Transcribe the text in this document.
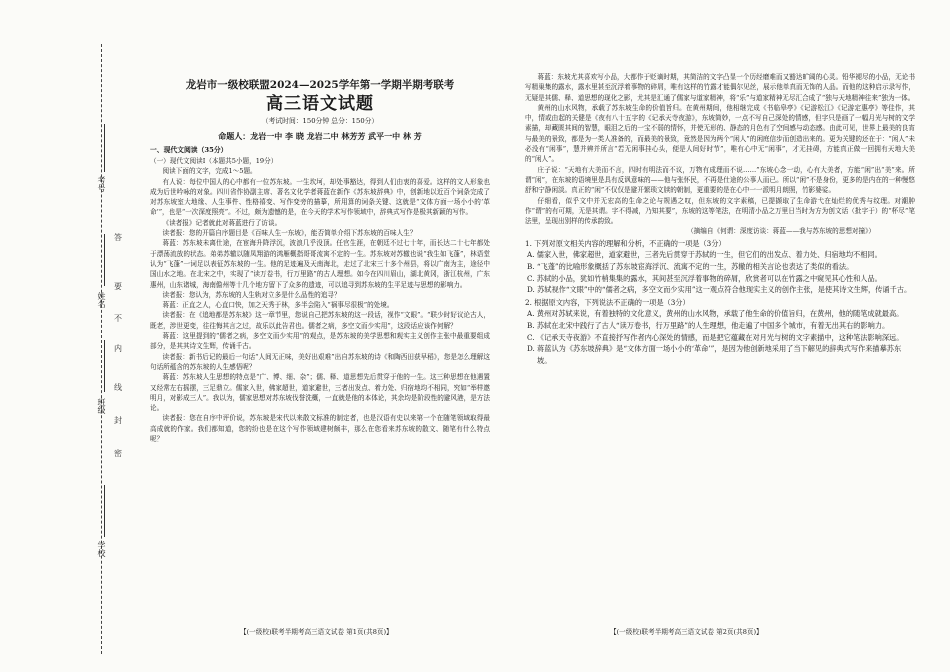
考号
姓名
班级
学校
答
要
不
内
线
封
密
龙岩市一级校联盟2024—2025学年第一学期半期考联考
高三语文试题
（考试时间：150分钟 总分：150分）
命题人：龙岩一中 李 晓 龙岩二中 林芳芳 武平一中 林 芳
一、现代文阅读（35分）
（一）现代文阅读Ⅰ（本题共5小题，19分）
阅读下面的文字，完成1～5题。

有人说：每位中国人的心中都有一位苏东坡。一生坎坷，却处事豁达，得到人们由衷的喜爱。这样的文人形象也成为后世吟咏的对象。四川省作协副主席、著名文化学者蒋蓝在新作《苏东坡辞典》中，创新地以近百个词条完成了对苏东坡室大地缘、人生事件、性格禧变、写作变旁的描摹，所用算的词条关键、这就是“文体方面一场小小的‘革命’”，也是“一次深度照亮”。不过，颇为遗憾的是，在今天的学术写作领域中，辞典式写作是极其新颖的写作。

《读者报》记者就此对蒋蓝进行了访谈。

读者报：您的开篇自序题目是《百味人生一东坡》，能否简单介绍下苏东坡的百味人生？

蒋蓝：苏东坡未离仕途，在宦海升降浮沉，波浪几乎没顶。任官生涯，在朝廷不过七十年，而长达二十七年都处于漂荡流放的状态。弟弟苏辙以随凤翔游的鸿雁概指哥哥流寓不定的一生。苏东坡对苏辙也说“我生如飞蓬”，林语堂认为“飞蓬”一词足以表征苏东坡的一生。他的足迹遍及天南海北，走过了北宋三十多个州县，将以广南为主，途径中国山水之地。在北宋之中，实现了“读万卷书，行万里路”的古人理想。如今在四川眉山，湖北黄冈，浙江杭州，广东惠州，山东诸城，海南儋州等十几个地方留下了众多的遗迹，可以追寻到苏东坡的生平足迹与思想的影响力。

读者报：您认为，苏东坡的人生轨对立多是什么品性的追寻？

蒋蓝：正直之人，心直口快，加之天秀于林，多半会陷入“祸事尽很极”的处境。

读者报：在《追地都是苏东坡》这一章节里，您说自己把苏东坡的这一段话，视作“文眼”。“联少时好议论古人，既老，涉世更变，往往悔其言之过，故乐以此告君也。儒者之病，多空文而少实用”，这段话应该作何解？

蒋蓝：这里提到的“儒者之病，多空文而少实用”的观点，是苏东坡的美学思想和观实主义创作主张中最重要组成部分，是其其诗文生辉，传诵千古。

读者报：新书后记的最后一句话“人间无正味，美好出艰难”出自苏东坡的诗《和陶西田获早稻》，您是怎么理解这句话所蕴含的苏东坡的人生感悟呢？

蒋蓝：苏东坡人生思想的特点是“广、博、细、杂”；儒、释、道思想先后贯穿于他的一生。这三种思想在他遇置又经常左右摇摆，三足鼎立。儒家入世，佛家超世，道家避世，三者出发点、着力处、归宿地均不相同，究如“举样邀明月，对影成三人”。我以为，儒家思想对苏东坡伐誉洗概，一直就是他的本体论，其余均是阶段性的避风港，是方法论。

读者报：您在自序中评价说，苏东坡是宋代以来散文标准的制定者，也是汉语有史以来第一个在随笔领域取得最高成就的作家。我们都知道，您的纷也是在这个写作领域建树颇丰，那么在您看来苏东坡的散文、随笔有什么特点呢？

蒋蓝：东坡尤其喜欢写小品，大都作于贬谪时期，其简洁的文字凸显一个历经磨难而又豁达旷阔的心灵。铅华褪尽的小品，无论书写精巢集的露水，露水里甚至沉浮着事物的碎屑，唯有这样的竹露才能偶尔见丝，展示他单真而无饰的人品。而他的这种启示录写作，无疑是其儒、释、道思想的现化之影，尤其是汇通了儒家与道家精神，将“乐”与道家精神无尽汇合成了“独与天地精神往来”独为一体。

黄州的山水风物，承载了苏东坡生命的价值旨归。在黄州期间，他相继完成《书临皋亭》《记游松江》《记游定惠亭》等佳作，其中，情或由起的关健是《夜有八十五字的《记承天寺夜游》，东坡简妙，一点不写自己深处的情感，但字只是画了一幅月光与树的文学素描，却藏匮其间的智慧，眼泪之后的一宝不弱的情怀，并使无形的、静态的月色有了空间感与动态感。由此可见，世界上最美的良宵与最美的景致，都是为一类人准备的，而最美的景致，竟然是因为两个“闲人”的闲庭信步而创造出来的。更为关键的还在于：“闲人”未必没有“闲事”，慧并辨并所言“若无闲事挂心头，便是人间好时节”，唯有心中无“闲事”，才无挂碍，方能真正做一回拥有天地大美的“闲人”。

庄子说：“天地有大美而不言，四时有明法而不议，万物有成理而不说……”东坡心念一动，心有大美者，方能“闲”出“美”来。所谓“闲”，在东坡的语境里是具有反讽意味的——他与张怀民，不再是仕途的公事人而已。所以“闲”不是身份，更多的是内在的一种慢悠舒和宁静闲淡。真正的“闲”不仅仅是避开繁琐文牍的朝制，更重要的是在心中一一派明月朗照，竹影婆娑。

仔细看，似乎文中并无宏高的生命之论与规遇之叹，但东坡的文字素稿，已提撷取了生命游弋在灿烂的优秀与纹理。对潮肿作“谓”的有可期，无是其谓。字不得减，乃知其要”，东坡的这等笔法，在明清小品之万里日当时为方为创文话（批字于）的“杯尽”笔法里，呈现出别样的传承韵致。

（摘编自《何谓：深度访谈：蒋蓝——我与苏东坡的思想对撞》）
1. 下列对原文相关内容的理解和分析，不正确的一项是（3分）
A. 儒家入世，佛家超世，道家避世，三者先后贯穿于苏轼的一生，但它们的出发点、着力处、归宿地均不相同。
B. “飞蓬”的比喻形象概括了苏东坡宦海浮沉、流寓不定的一生，苏辙的相关言论也表达了类似的看法。
C. 苏轼的小品，犹如竹梢集集的露水，其间甚至沉浮着事物的碎屑，欣赏者可以在竹露之中窥见其心性和人品。
D. 苏轼视作“文眼”中的“儒者之病，多空文而少实用”这一观点符合他现实主义的创作主张，是使其诗文生辉，传诵千古。
2. 根据原文内容，下列说法不正确的一项是（3分）
A. 黄州对苏轼来说，有着独特的文化意义，黄州的山水风物，承载了他生命的价值旨归，在黄州，他的随笔成就最高。
B. 苏轼在北宋中践行了古人“读万卷书，行万里路”的人生理想，他走遍了中国多个城市，有着无出其右的影响力。
C. 《记承天寺夜游》不直接抒写作者内心深处的情感，而是把它蕴藏在对月光与树的文字素描中，这种笔法影响深远。
D. 蒋蓝认为《苏东坡辞典》是“文体方面一场小小的‘革命’”，是因为他创新地采用了当下解见的辞典式写作来描摹苏东坡。
【(一级校)联考半期考高三语文试卷 第1页(共8页)】	【(一级校)联考半期考高三语文试卷 第2页(共8页)】
